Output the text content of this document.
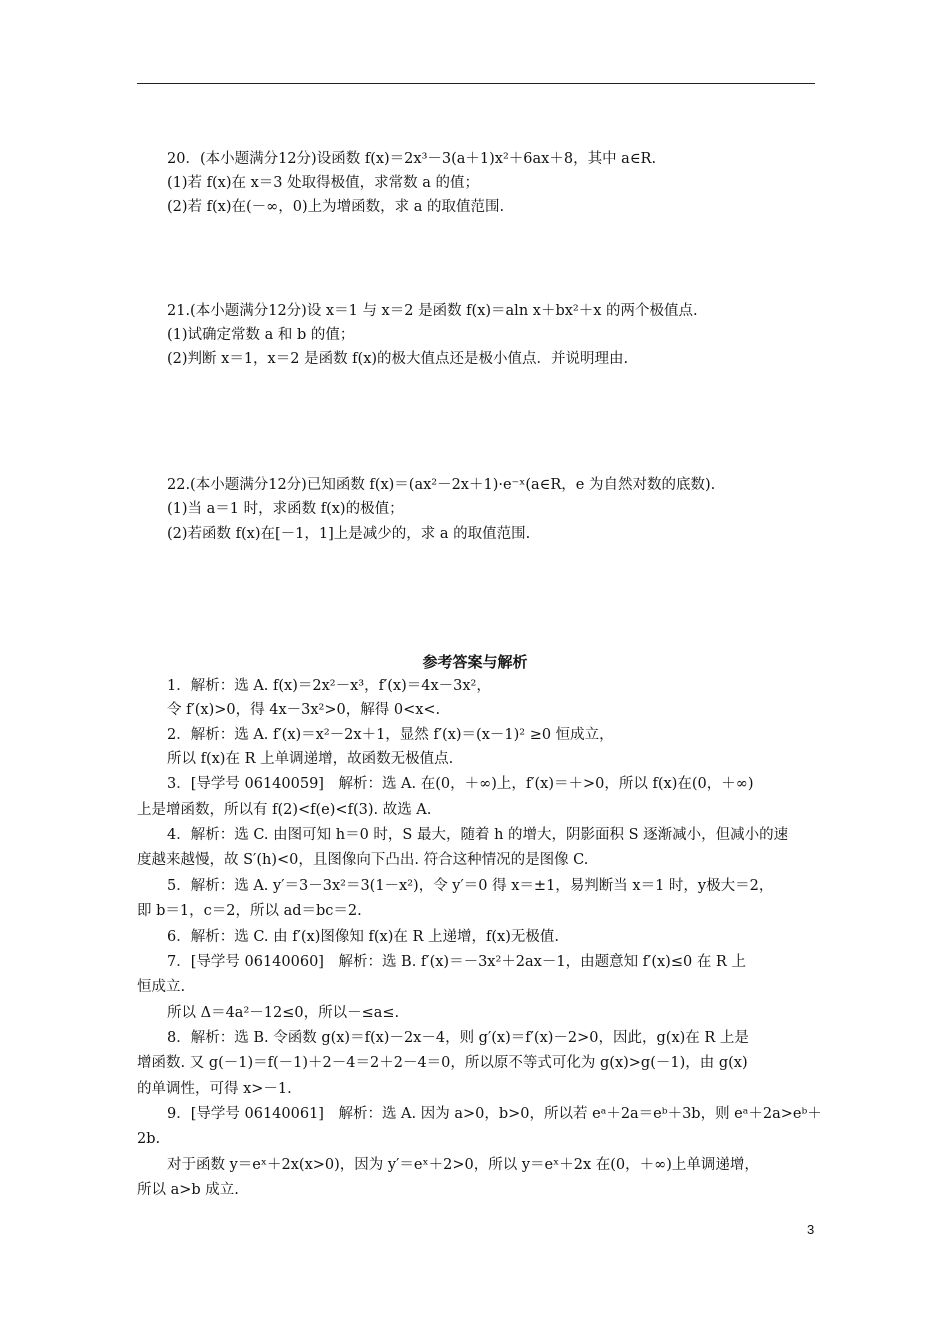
20．(本小题满分12分)设函数 f(x)＝2x³－3(a＋1)x²＋6ax＋8，其中 a∈R.
(1)若 f(x)在 x＝3 处取得极值，求常数 a 的值；
(2)若 f(x)在(－∞，0)上为增函数，求 a 的取值范围.
21.(本小题满分12分)设 x＝1 与 x＝2 是函数 f(x)＝aln x＋bx²＋x 的两个极值点.
(1)试确定常数 a 和 b 的值；
(2)判断 x＝1，x＝2 是函数 f(x)的极大值点还是极小值点．并说明理由.
22.(本小题满分12分)已知函数 f(x)＝(ax²－2x＋1)·e⁻ˣ(a∈R，e 为自然对数的底数).
(1)当 a＝1 时，求函数 f(x)的极值；
(2)若函数 f(x)在[－1，1]上是减少的，求 a 的取值范围.
参考答案与解析
1．解析：选 A. f(x)＝2x²－x³，f′(x)＝4x－3x²，
令 f′(x)>0，得 4x－3x²>0，解得 0<x<.
2．解析：选 A. f′(x)＝x²－2x＋1，显然 f′(x)＝(x－1)² ≥0 恒成立，
所以 f(x)在 R 上单调递增，故函数无极值点.
3．[导学号 06140059]　解析：选 A. 在(0，＋∞)上，f′(x)＝＋>0，所以 f(x)在(0，＋∞)
上是增函数，所以有 f(2)<f(e)<f(3). 故选 A.
4．解析：选 C. 由图可知 h＝0 时，S 最大，随着 h 的增大，阴影面积 S 逐渐减小，但减小的速
度越来越慢，故 S′(h)<0，且图像向下凸出. 符合这种情况的是图像 C.
5．解析：选 A. y′＝3－3x²＝3(1－x²)，令 y′＝0 得 x＝±1，易判断当 x＝1 时，y极大＝2，
即 b＝1，c＝2，所以 ad＝bc＝2.
6．解析：选 C. 由 f′(x)图像知 f(x)在 R 上递增，f(x)无极值.
7．[导学号 06140060]　解析：选 B. f′(x)＝－3x²＋2ax－1，由题意知 f′(x)≤0 在 R 上
恒成立.
所以 Δ＝4a²－12≤0，所以－≤a≤.
8．解析：选 B. 令函数 g(x)＝f(x)－2x－4，则 g′(x)＝f′(x)－2>0，因此，g(x)在 R 上是
增函数. 又 g(－1)＝f(－1)＋2－4＝2＋2－4＝0，所以原不等式可化为 g(x)>g(－1)，由 g(x)
的单调性，可得 x>－1.
9．[导学号 06140061]　解析：选 A. 因为 a>0，b>0，所以若 eᵃ＋2a＝eᵇ＋3b，则 eᵃ＋2a>eᵇ＋
2b.
对于函数 y＝eˣ＋2x(x>0)，因为 y′＝eˣ＋2>0，所以 y＝eˣ＋2x 在(0，＋∞)上单调递增，
所以 a>b 成立.
3
